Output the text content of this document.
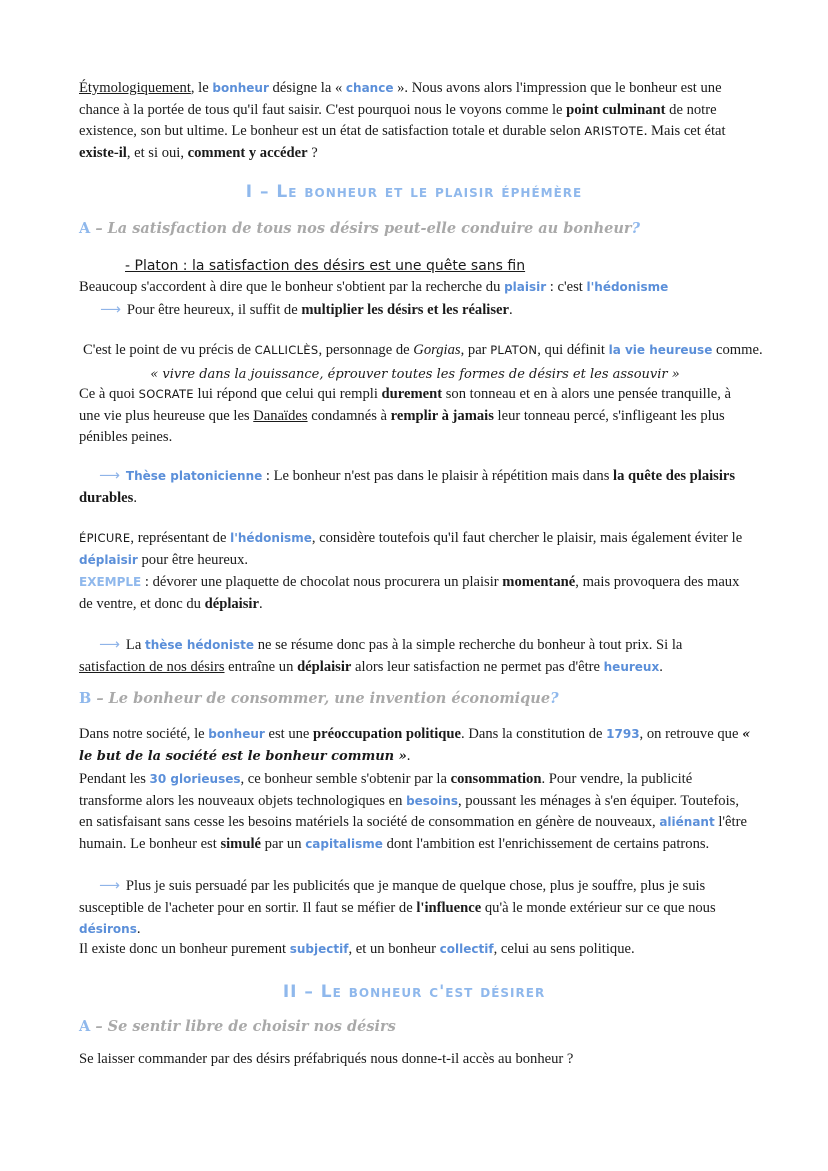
Étymologiquement, le bonheur désigne la « chance ». Nous avons alors l'impression que le bonheur est une chance à la portée de tous qu'il faut saisir. C'est pourquoi nous le voyons comme le point culminant de notre existence, son but ultime. Le bonheur est un état de satisfaction totale et durable selon ARISTOTE. Mais cet état existe-il, et si oui, comment y accéder ?
I – Le bonheur et le plaisir éphémère
A – La satisfaction de tous nos désirs peut-elle conduire au bonheur?
- Platon : la satisfaction des désirs est une quête sans fin
Beaucoup s'accordent à dire que le bonheur s'obtient par la recherche du plaisir : c'est l'hédonisme
⟶ Pour être heureux, il suffit de multiplier les désirs et les réaliser.
C'est le point de vu précis de CALLICLÈS, personnage de Gorgias, par PLATON, qui définit la vie heureuse comme.
« vivre dans la jouissance, éprouver toutes les formes de désirs et les assouvir »
Ce à quoi SOCRATE lui répond que celui qui rempli durement son tonneau et en à alors une pensée tranquille, à une vie plus heureuse que les Danaïdes condamnés à remplir à jamais leur tonneau percé, s'infligeant les plus pénibles peines.
⟶ Thèse platonicienne : Le bonheur n'est pas dans le plaisir à répétition mais dans la quête des plaisirs durables.
ÉPICURE, représentant de l'hédonisme, considère toutefois qu'il faut chercher le plaisir, mais également éviter le déplaisir pour être heureux.
EXEMPLE : dévorer une plaquette de chocolat nous procurera un plaisir momentané, mais provoquera des maux de ventre, et donc du déplaisir.
⟶ La thèse hédoniste ne se résume donc pas à la simple recherche du bonheur à tout prix. Si la satisfaction de nos désirs entraîne un déplaisir alors leur satisfaction ne permet pas d'être heureux.
B – Le bonheur de consommer, une invention économique?
Dans notre société, le bonheur est une préoccupation politique. Dans la constitution de 1793, on retrouve que « le but de la société est le bonheur commun ».
Pendant les 30 glorieuses, ce bonheur semble s'obtenir par la consommation. Pour vendre, la publicité transforme alors les nouveaux objets technologiques en besoins, poussant les ménages à s'en équiper. Toutefois, en satisfaisant sans cesse les besoins matériels la société de consommation en génère de nouveaux, aliénant l'être humain. Le bonheur est simulé par un capitalisme dont l'ambition est l'enrichissement de certains patrons.
⟶ Plus je suis persuadé par les publicités que je manque de quelque chose, plus je souffre, plus je suis susceptible de l'acheter pour en sortir. Il faut se méfier de l'influence qu'à le monde extérieur sur ce que nous désirons.
Il existe donc un bonheur purement subjectif, et un bonheur collectif, celui au sens politique.
II – Le bonheur c'est désirer
A – Se sentir libre de choisir nos désirs
Se laisser commander par des désirs préfabriqués nous donne-t-il accès au bonheur ?
